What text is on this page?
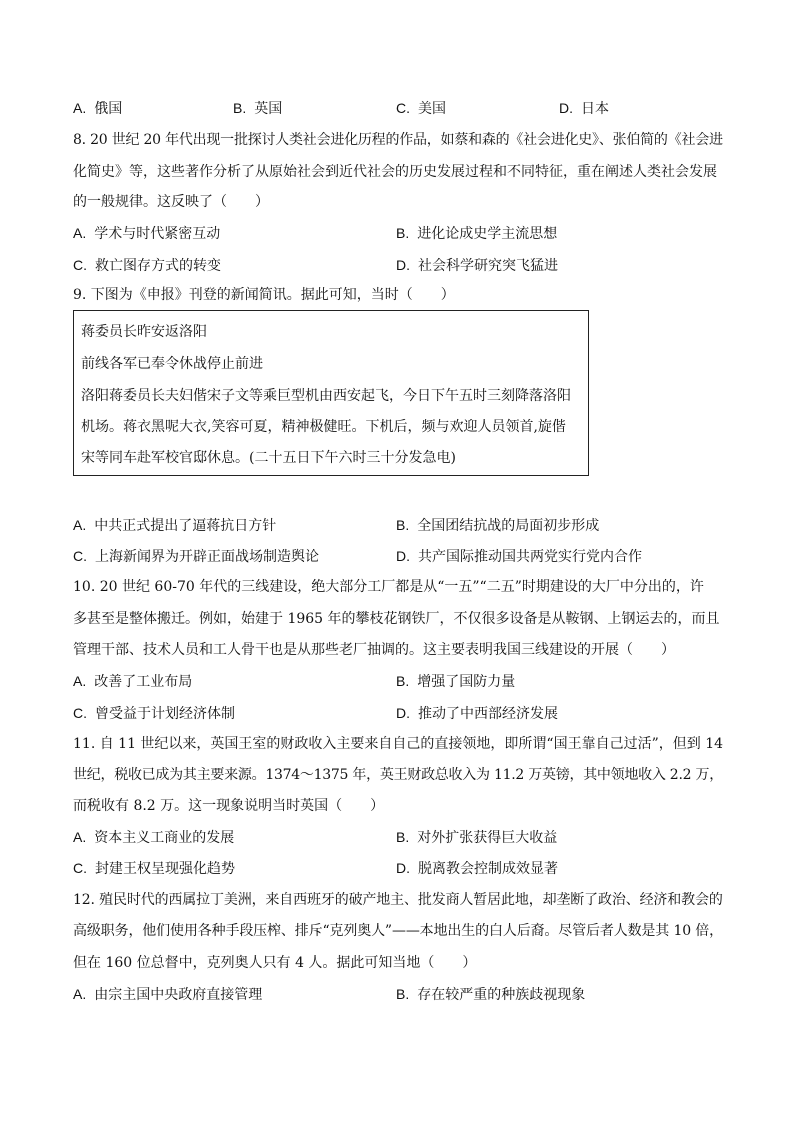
A. 俄国	B. 英国	C. 美国	D. 日本
8. 20 世纪 20 年代出现一批探讨人类社会进化历程的作品，如蔡和森的《社会进化史》、张伯简的《社会进
化简史》等，这些著作分析了从原始社会到近代社会的历史发展过程和不同特征，重在阐述人类社会发展
的一般规律。这反映了（　　）
A. 学术与时代紧密互动	B. 进化论成史学主流思想
C. 救亡图存方式的转变	D. 社会科学研究突飞猛进
9. 下图为《申报》刊登的新闻简讯。据此可知，当时（　　）
蒋委员长昨安返洛阳
前线各军已奉令休战停止前进
洛阳蒋委员长夫妇偕宋子文等乘巨型机由西安起飞，今日下午五时三刻降落洛阳
机场。蒋衣黑呢大衣,笑容可夏，精神极健旺。下机后，频与欢迎人员领首,旋偕
宋等同车赴军校官邸休息。(二十五日下午六时三十分发急电)
A. 中共正式提出了逼蒋抗日方针	B. 全国团结抗战的局面初步形成
C. 上海新闻界为开辟正面战场制造舆论	D. 共产国际推动国共两党实行党内合作
10. 20 世纪 60-70 年代的三线建设，绝大部分工厂都是从“一五”“二五”时期建设的大厂中分出的，许
多甚至是整体搬迁。例如，始建于 1965 年的攀枝花钢铁厂，不仅很多设备是从鞍钢、上钢运去的，而且
管理干部、技术人员和工人骨干也是从那些老厂抽调的。这主要表明我国三线建设的开展（　　）
A. 改善了工业布局	B. 增强了国防力量
C. 曾受益于计划经济体制	D. 推动了中西部经济发展
11. 自 11 世纪以来，英国王室的财政收入主要来自自己的直接领地，即所谓“国王靠自己过活”，但到 14
世纪，税收已成为其主要来源。1374～1375 年，英王财政总收入为 11.2 万英镑，其中领地收入 2.2 万，
而税收有 8.2 万。这一现象说明当时英国（　　）
A. 资本主义工商业的发展	B. 对外扩张获得巨大收益
C. 封建王权呈现强化趋势	D. 脱离教会控制成效显著
12. 殖民时代的西属拉丁美洲，来自西班牙的破产地主、批发商人暂居此地，却垄断了政治、经济和教会的
高级职务，他们使用各种手段压榨、排斥“克列奥人”——本地出生的白人后裔。尽管后者人数是其 10 倍，
但在 160 位总督中，克列奥人只有 4 人。据此可知当地（　　）
A. 由宗主国中央政府直接管理	B. 存在较严重的种族歧视现象
